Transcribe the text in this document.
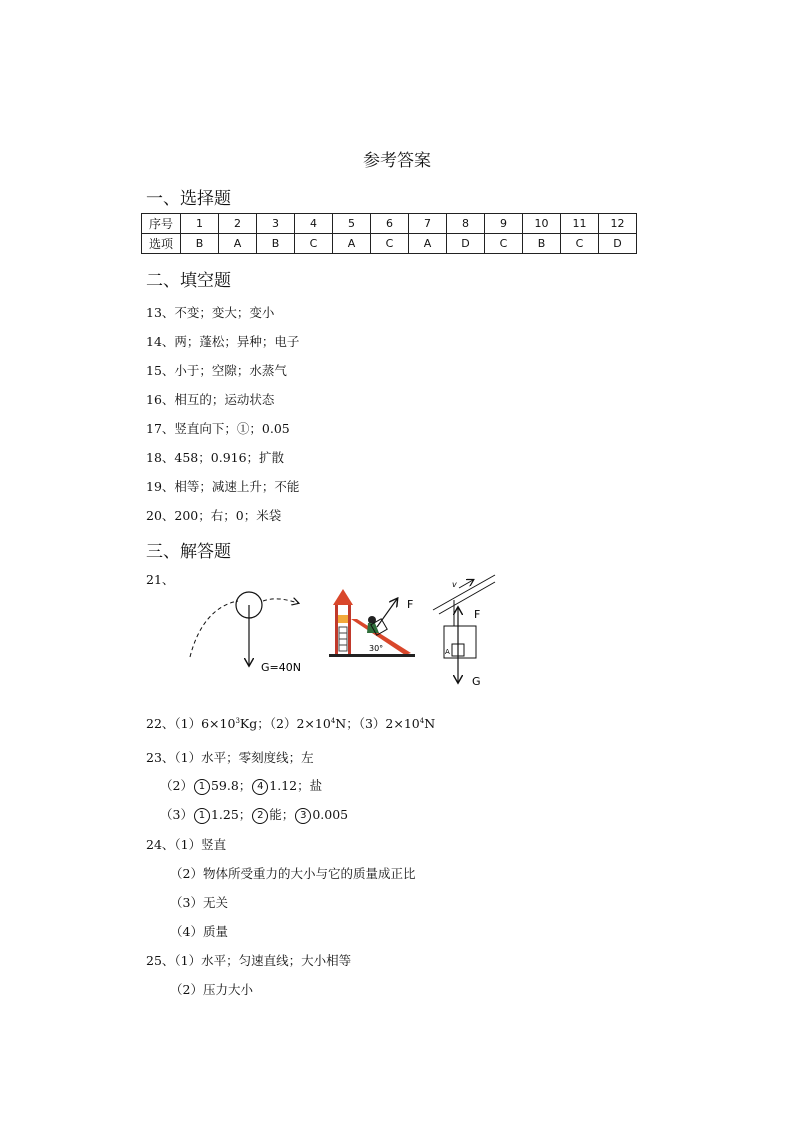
参考答案
一、选择题
序号	1	2	3	4	5	6	7	8	9	10	11	12
选项	B	A	B	C	A	C	A	D	C	B	C	D
二、填空题
13、不变；变大；变小
14、两；蓬松；异种；电子
15、小于；空隙；水蒸气
16、相互的；运动状态
17、竖直向下；①；0.05
18、458；0.916；扩散
19、相等；减速上升；不能
20、200；右；0；米袋
三、解答题
21、
G=40N
F
30°
v
A
F
G
22、$(1)6\times 10^3Kg$；$(2)2\times 10^4N$；$(3)2\times 10^4N$
23、（1）水平；零刻度线；左
（2） 1 59.8； 4 1.12；盐
（3） 1 1.25； 2 能； 3 0.005
24、（1）竖直
（2）物体所受重力的大小与它的质量成正比
（3）无关
（4）质量
25、（1）水平；匀速直线；大小相等
（2）压力大小
